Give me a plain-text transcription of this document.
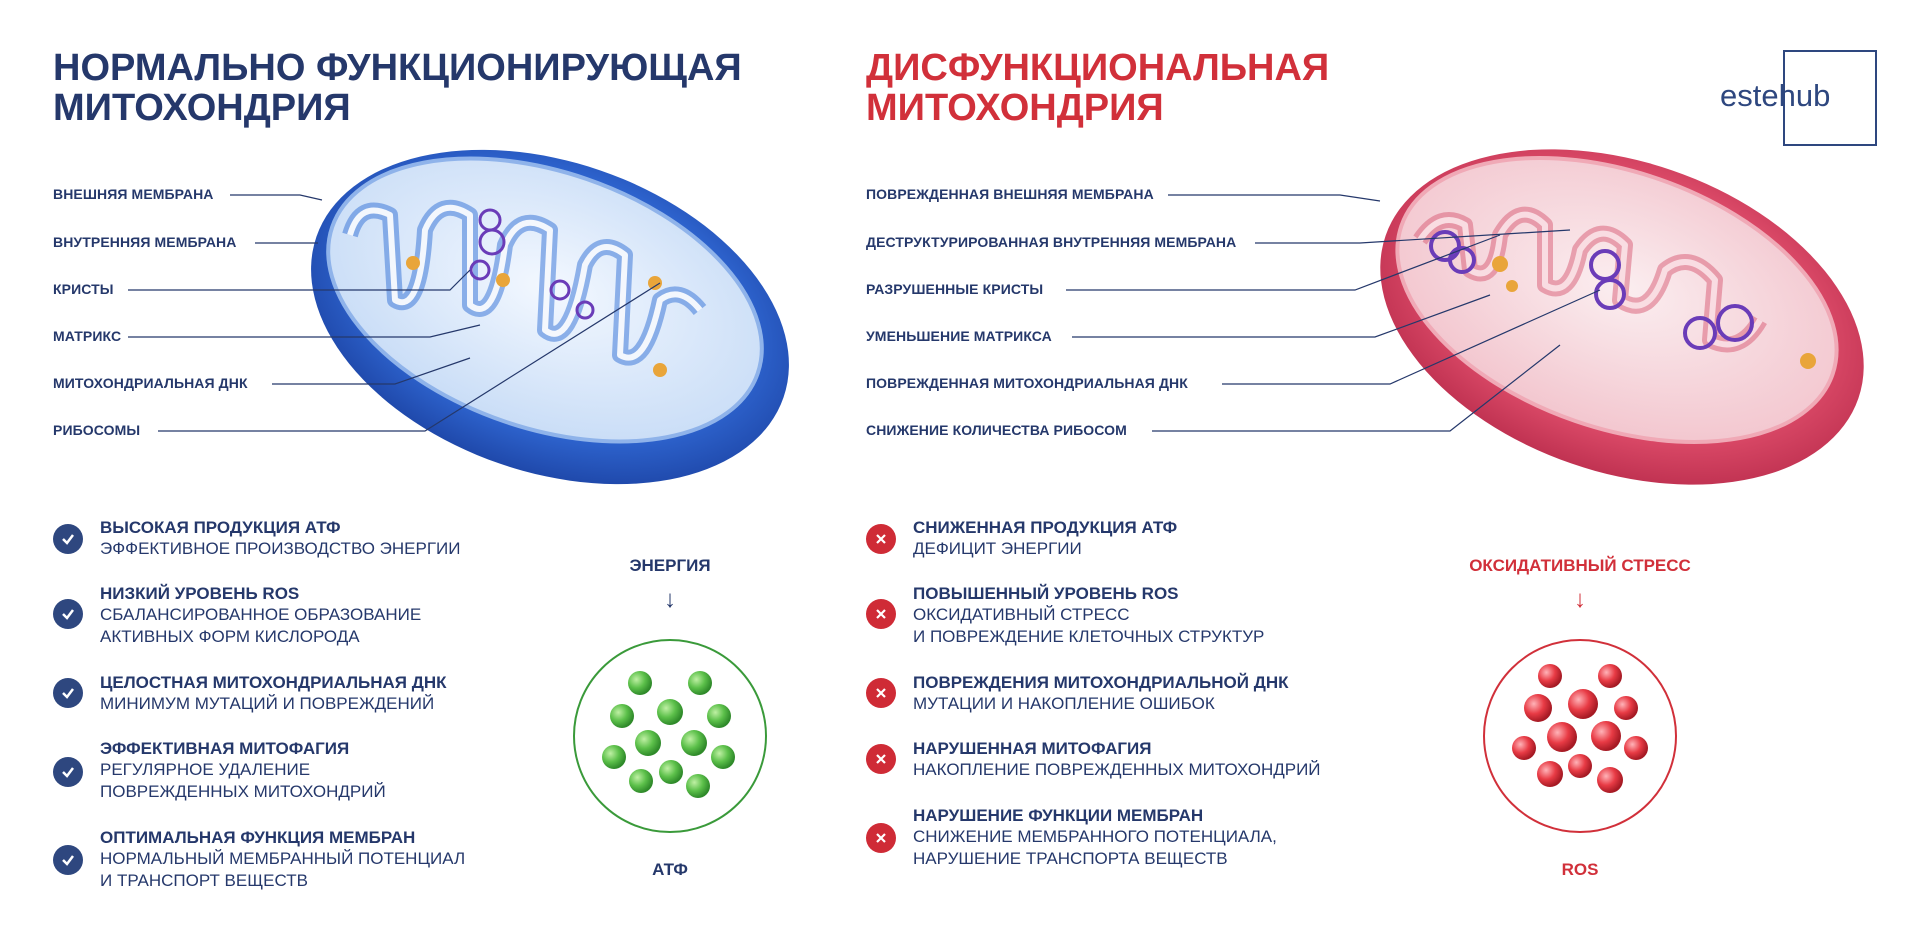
НОРМАЛЬНО ФУНКЦИОНИРУЮЩАЯ
МИТОХОНДРИЯ
ДИСФУНКЦИОНАЛЬНАЯ
МИТОХОНДРИЯ	estehub
ВНЕШНЯЯ МЕМБРАНА
ВНУТРЕННЯЯ МЕМБРАНА
КРИСТЫ
МАТРИКС
МИТОХОНДРИАЛЬНАЯ ДНК
РИБОСОМЫ
ПОВРЕЖДЕННАЯ ВНЕШНЯЯ МЕМБРАНА
ДЕСТРУКТУРИРОВАННАЯ ВНУТРЕННЯЯ МЕМБРАНА
РАЗРУШЕННЫЕ КРИСТЫ
УМЕНЬШЕНИЕ МАТРИКСА
ПОВРЕЖДЕННАЯ МИТОХОНДРИАЛЬНАЯ ДНК
СНИЖЕНИЕ КОЛИЧЕСТВА РИБОСОМ
ВЫСОКАЯ ПРОДУКЦИЯ АТФ
ЭФФЕКТИВНОЕ ПРОИЗВОДСТВО ЭНЕРГИИ
НИЗКИЙ УРОВЕНЬ ROS
СБАЛАНСИРОВАННОЕ ОБРАЗОВАНИЕ
АКТИВНЫХ ФОРМ КИСЛОРОДА
ЦЕЛОСТНАЯ МИТОХОНДРИАЛЬНАЯ ДНК
МИНИМУМ МУТАЦИЙ И ПОВРЕЖДЕНИЙ
ЭФФЕКТИВНАЯ МИТОФАГИЯ
РЕГУЛЯРНОЕ УДАЛЕНИЕ
ПОВРЕЖДЕННЫХ МИТОХОНДРИЙ
ОПТИМАЛЬНАЯ ФУНКЦИЯ МЕМБРАН
НОРМАЛЬНЫЙ МЕМБРАННЫЙ ПОТЕНЦИАЛ
И ТРАНСПОРТ ВЕЩЕСТВ
СНИЖЕННАЯ ПРОДУКЦИЯ АТФ
ДЕФИЦИТ ЭНЕРГИИ
ПОВЫШЕННЫЙ УРОВЕНЬ ROS
ОКСИДАТИВНЫЙ СТРЕСС
И ПОВРЕЖДЕНИЕ КЛЕТОЧНЫХ СТРУКТУР
ПОВРЕЖДЕНИЯ МИТОХОНДРИАЛЬНОЙ ДНК
МУТАЦИИ И НАКОПЛЕНИЕ ОШИБОК
НАРУШЕННАЯ МИТОФАГИЯ
НАКОПЛЕНИЕ ПОВРЕЖДЕННЫХ МИТОХОНДРИЙ
НАРУШЕНИЕ ФУНКЦИИ МЕМБРАН
СНИЖЕНИЕ МЕМБРАННОГО ПОТЕНЦИАЛА,
НАРУШЕНИЕ ТРАНСПОРТА ВЕЩЕСТВ
ЭНЕРГИЯ
↓
АТФ
ОКСИДАТИВНЫЙ СТРЕСС
↓
ROS
